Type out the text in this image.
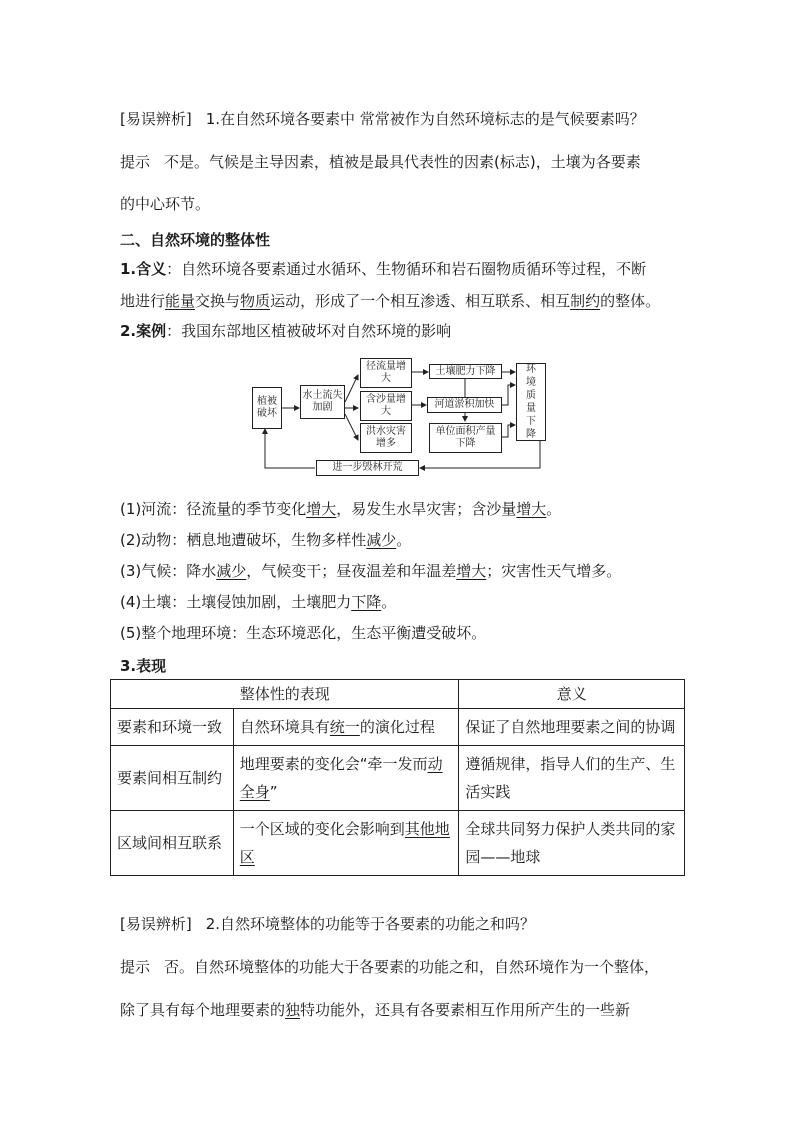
[易误辨析] 1.在自然环境各要素中 常常被作为自然环境标志的是气候要素吗？
提示 不是。气候是主导因素，植被是最具代表性的因素(标志)，土壤为各要素
的中心环节。
二、自然环境的整体性
1.含义：自然环境各要素通过水循环、生物循环和岩石圈物质循环等过程，不断
地进行能量交换与物质运动，形成了一个相互渗透、相互联系、相互制约的整体。
2.案例：我国东部地区植被破坏对自然环境的影响
植被破坏
水土流失加剧
径流量增大
含沙量增大
洪水灾害增多
土壤肥力下降
河道淤积加快
单位面积产量下降
环境质量下降
进一步毁林开荒
(1)河流：径流量的季节变化增大，易发生水旱灾害；含沙量增大。
(2)动物：栖息地遭破坏，生物多样性减少。
(3)气候：降水减少，气候变干；昼夜温差和年温差增大；灾害性天气增多。
(4)土壤：土壤侵蚀加剧，土壤肥力下降。
(5)整个地理环境：生态环境恶化，生态平衡遭受破坏。
3.表现
整体性的表现		意义
要素和环境一致	自然环境具有统一的演化过程	保证了自然地理要素之间的协调
要素间相互制约	地理要素的变化会“牵一发而动全身”	遵循规律，指导人们的生产、生活实践
区域间相互联系	一个区域的变化会影响到其他地区	全球共同努力保护人类共同的家园——地球
[易误辨析] 2.自然环境整体的功能等于各要素的功能之和吗？
提示 否。自然环境整体的功能大于各要素的功能之和，自然环境作为一个整体，
除了具有每个地理要素的独特功能外，还具有各要素相互作用所产生的一些新
